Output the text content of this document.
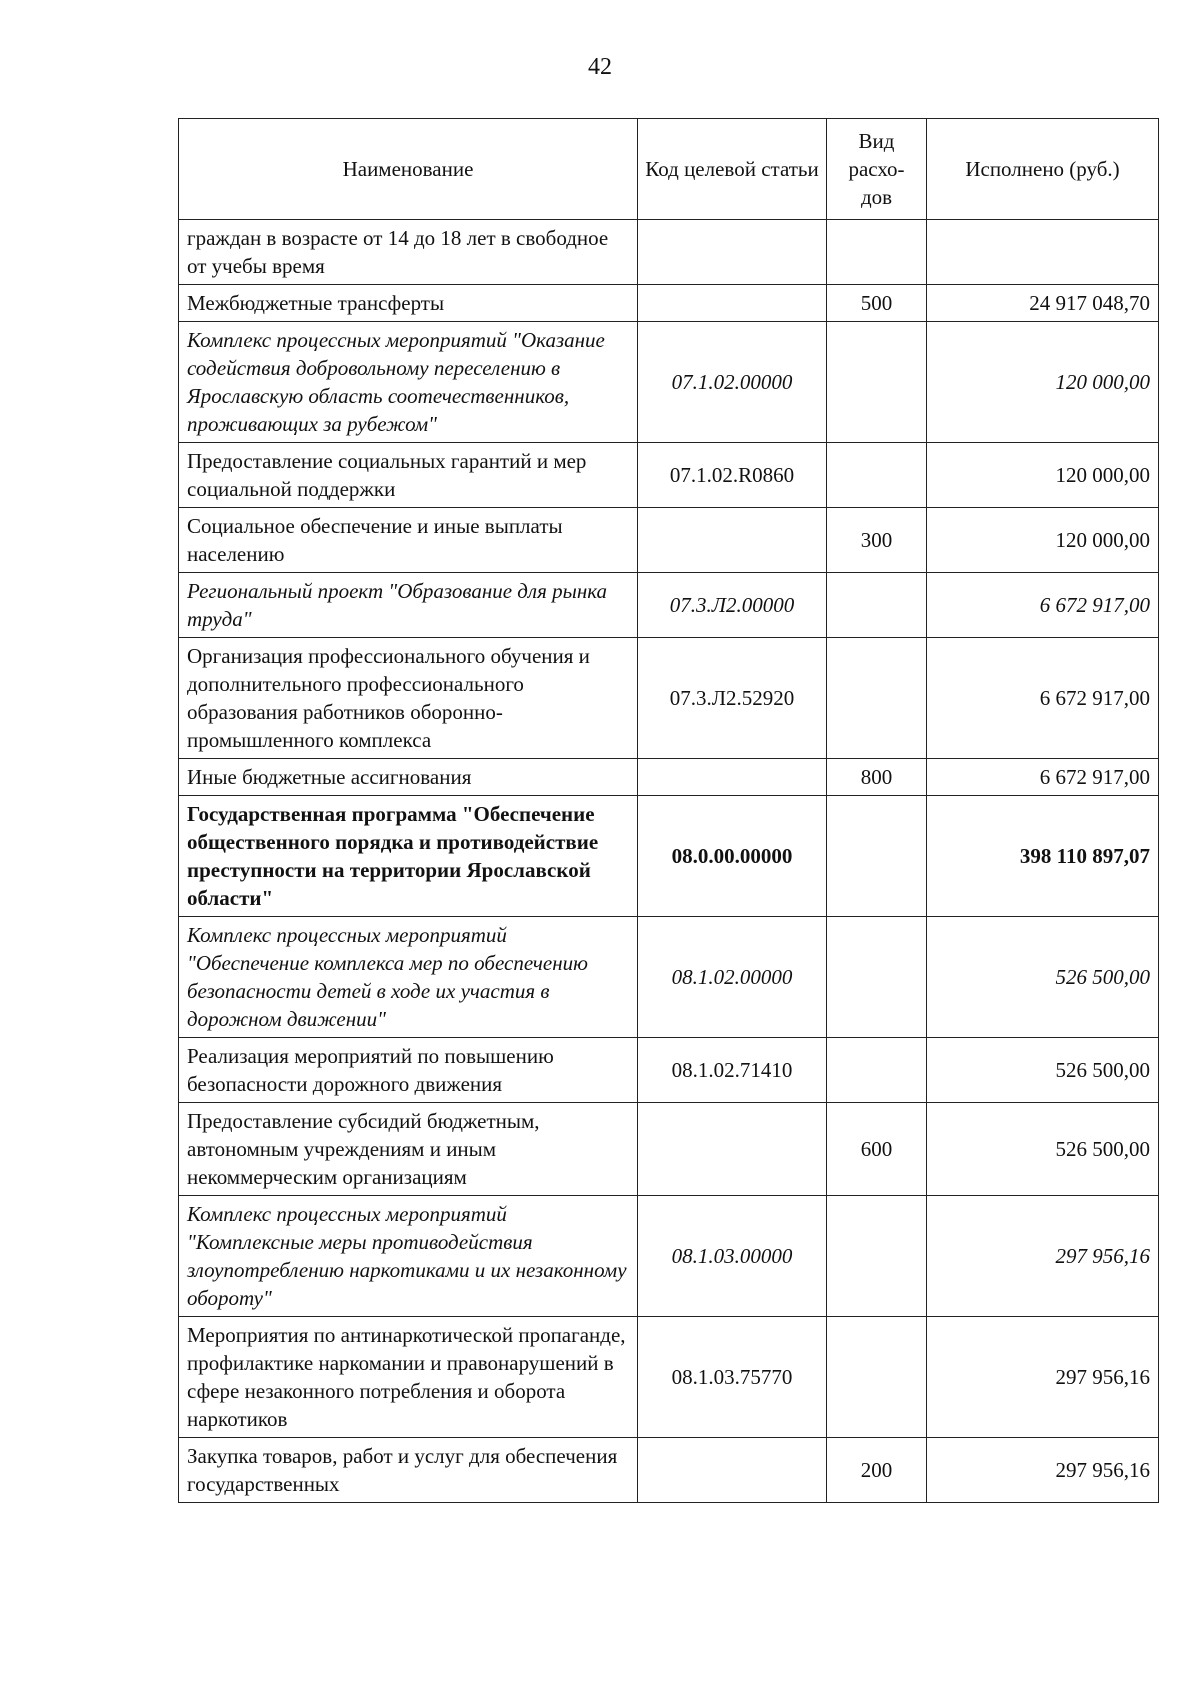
42
Наименование	Код целевой статьи	Вид расхо-дов	Исполнено (руб.)
граждан в возрасте от 14 до 18 лет в свободное от учебы время			
Межбюджетные трансферты		500	24 917 048,70
Комплекс процессных мероприятий "Оказание содействия добровольному переселению в Ярославскую область соотечественников, проживающих за рубежом"	07.1.02.00000		120 000,00
Предоставление социальных гарантий и мер социальной поддержки	07.1.02.R0860		120 000,00
Социальное обеспечение и иные выплаты населению		300	120 000,00
Региональный проект "Образование для рынка труда"	07.3.Л2.00000		6 672 917,00
Организация профессионального обучения и дополнительного профессионального образования работников оборонно-промышленного комплекса	07.3.Л2.52920		6 672 917,00
Иные бюджетные ассигнования		800	6 672 917,00
Государственная программа "Обеспечение общественного порядка и противодействие преступности на территории Ярославской области"	08.0.00.00000		398 110 897,07
Комплекс процессных мероприятий "Обеспечение комплекса мер по обеспечению безопасности детей в ходе их участия в дорожном движении"	08.1.02.00000		526 500,00
Реализация мероприятий по повышению безопасности дорожного движения	08.1.02.71410		526 500,00
Предоставление субсидий бюджетным, автономным учреждениям и иным некоммерческим организациям		600	526 500,00
Комплекс процессных мероприятий "Комплексные меры противодействия злоупотреблению наркотиками и их незаконному обороту"	08.1.03.00000		297 956,16
Мероприятия по антинаркотической пропаганде, профилактике наркомании и правонарушений в сфере незаконного потребления и оборота наркотиков	08.1.03.75770		297 956,16
Закупка товаров, работ и услуг для обеспечения государственных		200	297 956,16
